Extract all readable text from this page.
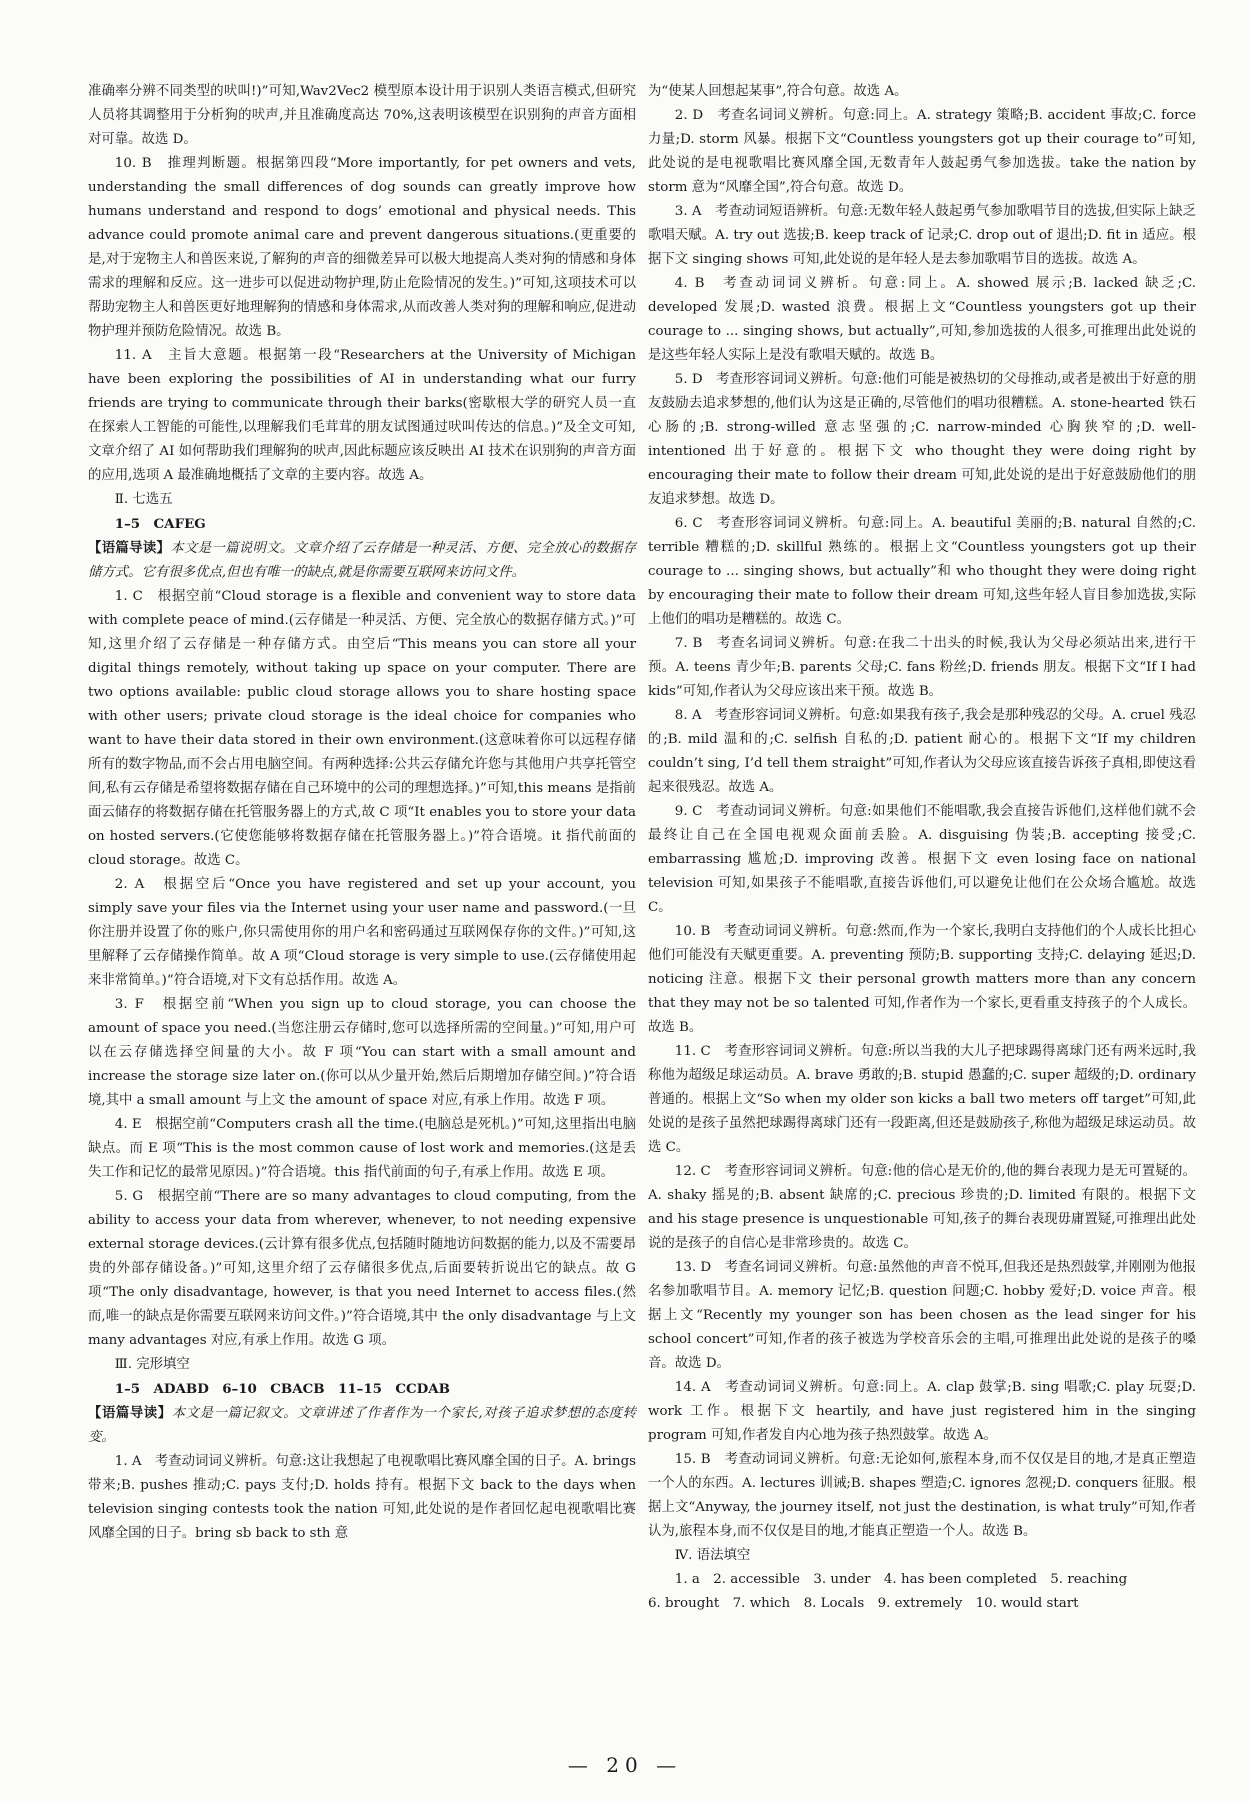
准确率分辨不同类型的吠叫!)”可知,Wav2Vec2 模型原本设计用于识别人类语言模式,但研究人员将其调整用于分析狗的吠声,并且准确度高达 70%,这表明该模型在识别狗的声音方面相对可靠。故选 D。

10. B　推理判断题。根据第四段“More importantly, for pet owners and vets, understanding the small differences of dog sounds can greatly improve how humans understand and respond to dogs’ emotional and physical needs. This advance could promote animal care and prevent dangerous situations.(更重要的是,对于宠物主人和兽医来说,了解狗的声音的细微差异可以极大地提高人类对狗的情感和身体需求的理解和反应。这一进步可以促进动物护理,防止危险情况的发生。)”可知,这项技术可以帮助宠物主人和兽医更好地理解狗的情感和身体需求,从而改善人类对狗的理解和响应,促进动物护理并预防危险情况。故选 B。

11. A　主旨大意题。根据第一段“Researchers at the University of Michigan have been exploring the possibilities of AI in understanding what our furry friends are trying to communicate through their barks(密歇根大学的研究人员一直在探索人工智能的可能性,以理解我们毛茸茸的朋友试图通过吠叫传达的信息。)”及全文可知,文章介绍了 AI 如何帮助我们理解狗的吠声,因此标题应该反映出 AI 技术在识别狗的声音方面的应用,选项 A 最准确地概括了文章的主要内容。故选 A。

Ⅱ. 七选五

1–5　CAFEG

【语篇导读】本文是一篇说明文。文章介绍了云存储是一种灵活、方便、完全放心的数据存储方式。它有很多优点,但也有唯一的缺点,就是你需要互联网来访问文件。

1. C　根据空前“Cloud storage is a flexible and convenient way to store data with complete peace of mind.(云存储是一种灵活、方便、完全放心的数据存储方式。)”可知,这里介绍了云存储是一种存储方式。由空后“This means you can store all your digital things remotely, without taking up space on your computer. There are two options available: public cloud storage allows you to share hosting space with other users; private cloud storage is the ideal choice for companies who want to have their data stored in their own environment.(这意味着你可以远程存储所有的数字物品,而不会占用电脑空间。有两种选择:公共云存储允许您与其他用户共享托管空间,私有云存储是希望将数据存储在自己环境中的公司的理想选择。)”可知,this means 是指前面云储存的将数据存储在托管服务器上的方式,故 C 项“It enables you to store your data on hosted servers.(它使您能够将数据存储在托管服务器上。)”符合语境。it 指代前面的 cloud storage。故选 C。

2. A　根据空后“Once you have registered and set up your account, you simply save your files via the Internet using your user name and password.(一旦你注册并设置了你的账户,你只需使用你的用户名和密码通过互联网保存你的文件。)”可知,这里解释了云存储操作简单。故 A 项“Cloud storage is very simple to use.(云存储使用起来非常简单。)”符合语境,对下文有总括作用。故选 A。

3. F　根据空前“When you sign up to cloud storage, you can choose the amount of space you need.(当您注册云存储时,您可以选择所需的空间量。)”可知,用户可以在云存储选择空间量的大小。故 F 项“You can start with a small amount and increase the storage size later on.(你可以从少量开始,然后后期增加存储空间。)”符合语境,其中 a small amount 与上文 the amount of space 对应,有承上作用。故选 F 项。

4. E　根据空前“Computers crash all the time.(电脑总是死机。)”可知,这里指出电脑缺点。而 E 项“This is the most common cause of lost work and memories.(这是丢失工作和记忆的最常见原因。)”符合语境。this 指代前面的句子,有承上作用。故选 E 项。

5. G　根据空前“There are so many advantages to cloud computing, from the ability to access your data from wherever, whenever, to not needing expensive external storage devices.(云计算有很多优点,包括随时随地访问数据的能力,以及不需要昂贵的外部存储设备。)”可知,这里介绍了云存储很多优点,后面要转折说出它的缺点。故 G 项“The only disadvantage, however, is that you need Internet to access files.(然而,唯一的缺点是你需要互联网来访问文件。)”符合语境,其中 the only disadvantage 与上文 many advantages 对应,有承上作用。故选 G 项。

Ⅲ. 完形填空

1–5　ADABD　6–10　CBACB　11–15　CCDAB

【语篇导读】本文是一篇记叙文。文章讲述了作者作为一个家长,对孩子追求梦想的态度转变。

1. A　考查动词词义辨析。句意:这让我想起了电视歌唱比赛风靡全国的日子。A. brings 带来;B. pushes 推动;C. pays 支付;D. holds 持有。根据下文 back to the days when television singing contests took the nation 可知,此处说的是作者回忆起电视歌唱比赛风靡全国的日子。bring sb back to sth 意

为“使某人回想起某事”,符合句意。故选 A。

2. D　考查名词词义辨析。句意:同上。A. strategy 策略;B. accident 事故;C. force 力量;D. storm 风暴。根据下文“Countless youngsters got up their courage to”可知,此处说的是电视歌唱比赛风靡全国,无数青年人鼓起勇气参加选拔。take the nation by storm 意为“风靡全国”,符合句意。故选 D。

3. A　考查动词短语辨析。句意:无数年轻人鼓起勇气参加歌唱节目的选拔,但实际上缺乏歌唱天赋。A. try out 选拔;B. keep track of 记录;C. drop out of 退出;D. fit in 适应。根据下文 singing shows 可知,此处说的是年轻人是去参加歌唱节目的选拔。故选 A。

4. B　考查动词词义辨析。句意:同上。A. showed 展示;B. lacked 缺乏;C. developed 发展;D. wasted 浪费。根据上文“Countless youngsters got up their courage to ... singing shows, but actually”,可知,参加选拔的人很多,可推理出此处说的是这些年轻人实际上是没有歌唱天赋的。故选 B。

5. D　考查形容词词义辨析。句意:他们可能是被热切的父母推动,或者是被出于好意的朋友鼓励去追求梦想的,他们认为这是正确的,尽管他们的唱功很糟糕。A. stone-hearted 铁石心肠的;B. strong-willed 意志坚强的;C. narrow-minded 心胸狭窄的;D. well-intentioned 出于好意的。根据下文 who thought they were doing right by encouraging their mate to follow their dream 可知,此处说的是出于好意鼓励他们的朋友追求梦想。故选 D。

6. C　考查形容词词义辨析。句意:同上。A. beautiful 美丽的;B. natural 自然的;C. terrible 糟糕的;D. skillful 熟练的。根据上文“Countless youngsters got up their courage to ... singing shows, but actually”和 who thought they were doing right by encouraging their mate to follow their dream 可知,这些年轻人盲目参加选拔,实际上他们的唱功是糟糕的。故选 C。

7. B　考查名词词义辨析。句意:在我二十出头的时候,我认为父母必须站出来,进行干预。A. teens 青少年;B. parents 父母;C. fans 粉丝;D. friends 朋友。根据下文“If I had kids”可知,作者认为父母应该出来干预。故选 B。

8. A　考查形容词词义辨析。句意:如果我有孩子,我会是那种残忍的父母。A. cruel 残忍的;B. mild 温和的;C. selfish 自私的;D. patient 耐心的。根据下文“If my children couldn’t sing, I’d tell them straight”可知,作者认为父母应该直接告诉孩子真相,即使这看起来很残忍。故选 A。

9. C　考查动词词义辨析。句意:如果他们不能唱歌,我会直接告诉他们,这样他们就不会最终让自己在全国电视观众面前丢脸。A. disguising 伪装;B. accepting 接受;C. embarrassing 尴尬;D. improving 改善。根据下文 even losing face on national television 可知,如果孩子不能唱歌,直接告诉他们,可以避免让他们在公众场合尴尬。故选 C。

10. B　考查动词词义辨析。句意:然而,作为一个家长,我明白支持他们的个人成长比担心他们可能没有天赋更重要。A. preventing 预防;B. supporting 支持;C. delaying 延迟;D. noticing 注意。根据下文 their personal growth matters more than any concern that they may not be so talented 可知,作者作为一个家长,更看重支持孩子的个人成长。故选 B。

11. C　考查形容词词义辨析。句意:所以当我的大儿子把球踢得离球门还有两米远时,我称他为超级足球运动员。A. brave 勇敢的;B. stupid 愚蠢的;C. super 超级的;D. ordinary 普通的。根据上文“So when my older son kicks a ball two meters off target”可知,此处说的是孩子虽然把球踢得离球门还有一段距离,但还是鼓励孩子,称他为超级足球运动员。故选 C。

12. C　考查形容词词义辨析。句意:他的信心是无价的,他的舞台表现力是无可置疑的。A. shaky 摇晃的;B. absent 缺席的;C. precious 珍贵的;D. limited 有限的。根据下文 and his stage presence is unquestionable 可知,孩子的舞台表现毋庸置疑,可推理出此处说的是孩子的自信心是非常珍贵的。故选 C。

13. D　考查名词词义辨析。句意:虽然他的声音不悦耳,但我还是热烈鼓掌,并刚刚为他报名参加歌唱节目。A. memory 记忆;B. question 问题;C. hobby 爱好;D. voice 声音。根据上文“Recently my younger son has been chosen as the lead singer for his school concert”可知,作者的孩子被选为学校音乐会的主唱,可推理出此处说的是孩子的嗓音。故选 D。

14. A　考查动词词义辨析。句意:同上。A. clap 鼓掌;B. sing 唱歌;C. play 玩耍;D. work 工作。根据下文 heartily, and have just registered him in the singing program 可知,作者发自内心地为孩子热烈鼓掌。故选 A。

15. B　考查动词词义辨析。句意:无论如何,旅程本身,而不仅仅是目的地,才是真正塑造一个人的东西。A. lectures 训诫;B. shapes 塑造;C. ignores 忽视;D. conquers 征服。根据上文“Anyway, the journey itself, not just the destination, is what truly”可知,作者认为,旅程本身,而不仅仅是目的地,才能真正塑造一个人。故选 B。

Ⅳ. 语法填空

1. a　2. accessible　3. under　4. has been completed　5. reaching

6. brought　7. which　8. Locals　9. extremely　10. would start

— 20 —
